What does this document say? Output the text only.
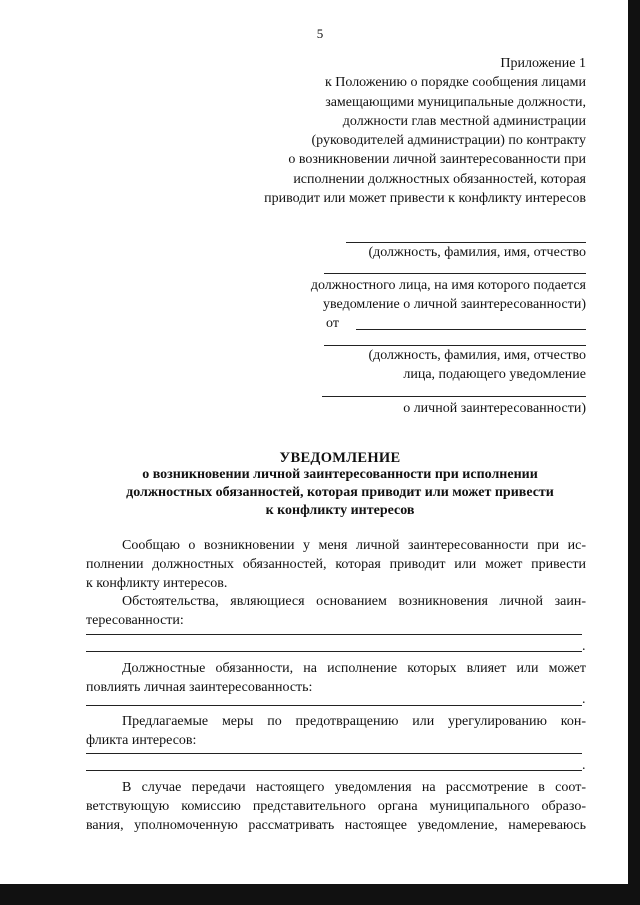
5
Приложение 1
к Положению о порядке сообщения лицами
замещающими муниципальные должности,
должности глав местной администрации
(руководителей администрации) по контракту
о возникновении личной заинтересованности при
исполнении должностных обязанностей, которая
приводит или может привести к конфликту интересов
(должность, фамилия, имя, отчество
должностного лица, на имя которого подается
уведомление о личной заинтересованности)
от
(должность, фамилия, имя, отчество
лица, подающего уведомление
о личной заинтересованности)
УВЕДОМЛЕНИЕ
о возникновении личной заинтересованности при исполнении
должностных обязанностей, которая приводит или может привести
к конфликту интересов
Сообщаю о возникновении у меня личной заинтересованности при ис-
полнении должностных обязанностей, которая приводит или может привести
к конфликту интересов.
Обстоятельства, являющиеся основанием возникновения личной заин-
тересованности:
.
Должностные обязанности, на исполнение которых влияет или может
повлиять личная заинтересованность:
.
Предлагаемые меры по предотвращению или урегулированию кон-
фликта интересов:
.
В случае передачи настоящего уведомления на рассмотрение в соот-
ветствующую комиссию представительного органа муниципального образо-
вания, уполномоченную рассматривать настоящее уведомление, намереваюсь
